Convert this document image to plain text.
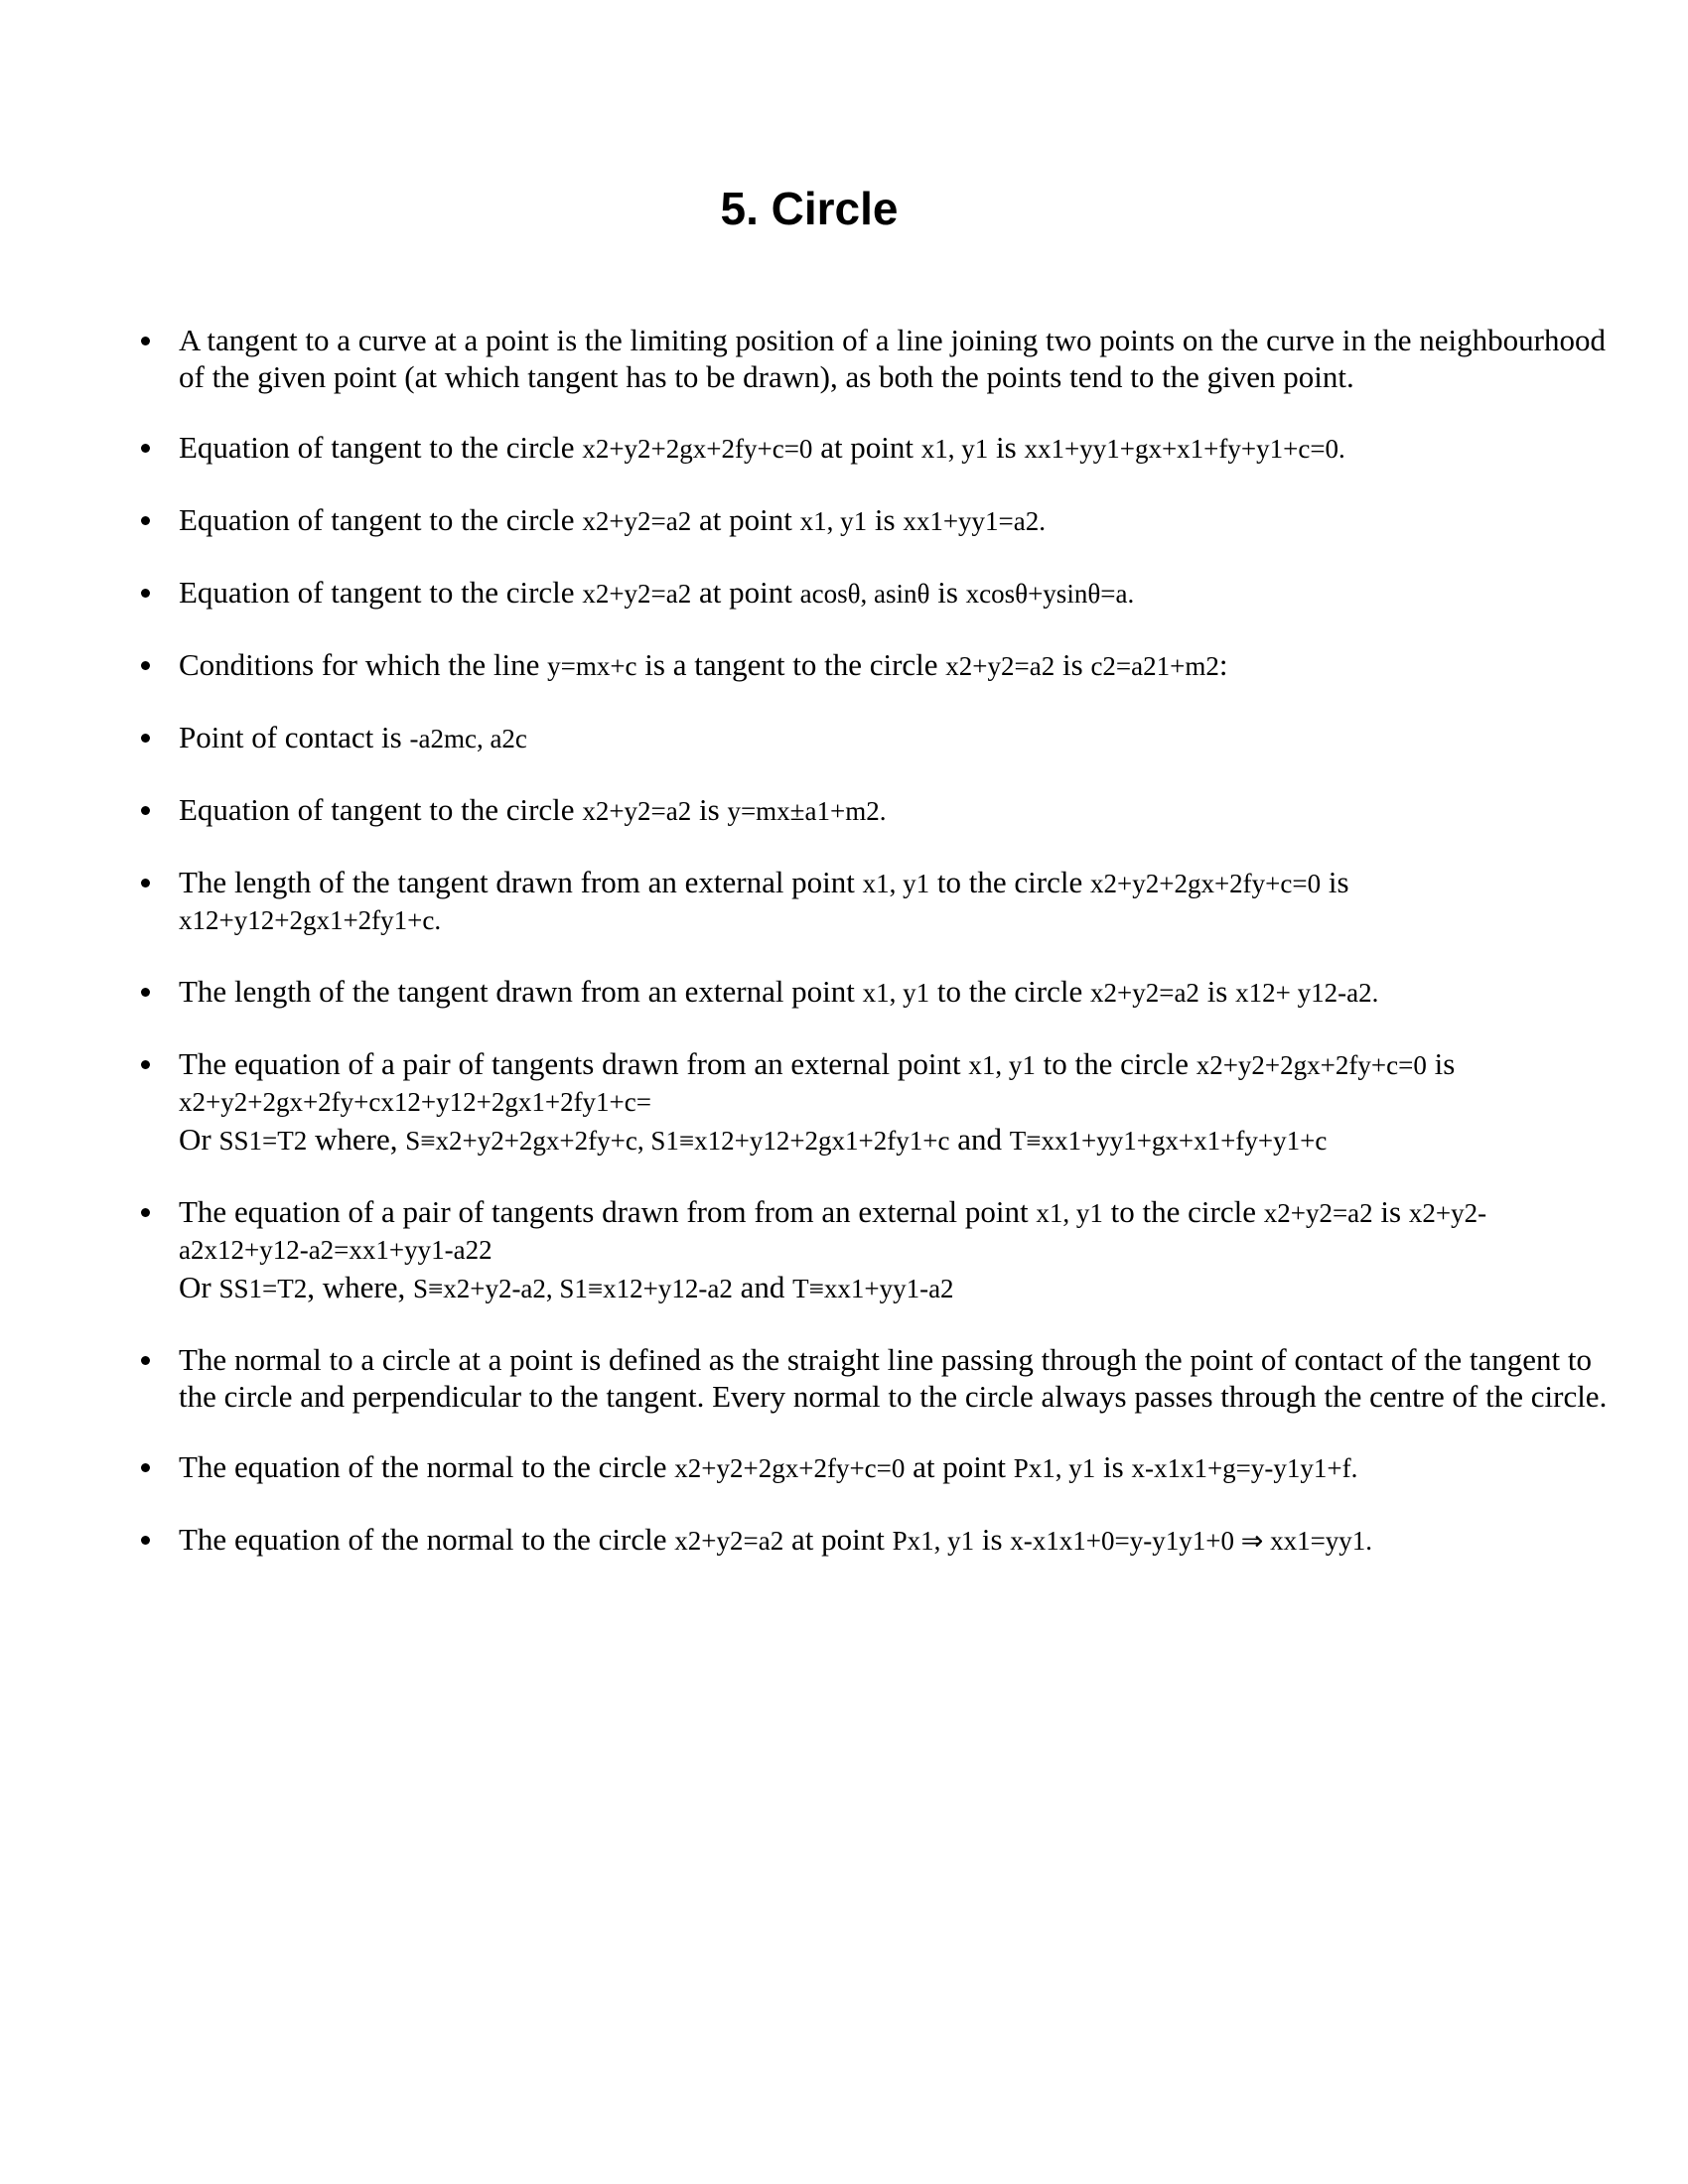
5. Circle
A tangent to a curve at a point is the limiting position of a line joining two points on the curve in the neighbourhood of the given point (at which tangent has to be drawn), as both the points tend to the given point.
Equation of tangent to the circle x2+y2+2gx+2fy+c=0 at point x1, y1 is xx1+yy1+gx+x1+fy+y1+c=0.
Equation of tangent to the circle x2+y2=a2 at point x1, y1 is xx1+yy1=a2.
Equation of tangent to the circle x2+y2=a2 at point acosθ, asinθ is xcosθ+ysinθ=a.
Conditions for which the line y=mx+c is a tangent to the circle x2+y2=a2 is c2=a21+m2:
Point of contact is -a2mc, a2c
Equation of tangent to the circle x2+y2=a2 is y=mx±a1+m2.
The length of the tangent drawn from an external point x1, y1 to the circle x2+y2+2gx+2fy+c=0 is
x12+y12+2gx1+2fy1+c.
The length of the tangent drawn from an external point x1, y1 to the circle x2+y2=a2 is x12+ y12-a2.
The equation of a pair of tangents drawn from an external point x1, y1 to the circle x2+y2+2gx+2fy+c=0 is
x2+y2+2gx+2fy+cx12+y12+2gx1+2fy1+c=
Or SS1=T2 where, S≡x2+y2+2gx+2fy+c, S1≡x12+y12+2gx1+2fy1+c and T≡xx1+yy1+gx+x1+fy+y1+c
The equation of a pair of tangents drawn from from an external point x1, y1 to the circle x2+y2=a2 is x2+y2-
a2x12+y12-a2=xx1+yy1-a22
Or SS1=T2, where, S≡x2+y2-a2, S1≡x12+y12-a2 and T≡xx1+yy1-a2
The normal to a circle at a point is defined as the straight line passing through the point of contact of the tangent to the circle and perpendicular to the tangent. Every normal to the circle always passes through the centre of the circle.
The equation of the normal to the circle x2+y2+2gx+2fy+c=0 at point Px1, y1 is x-x1x1+g=y-y1y1+f.
The equation of the normal to the circle x2+y2=a2 at point Px1, y1 is x-x1x1+0=y-y1y1+0 ⇒ xx1=yy1.
